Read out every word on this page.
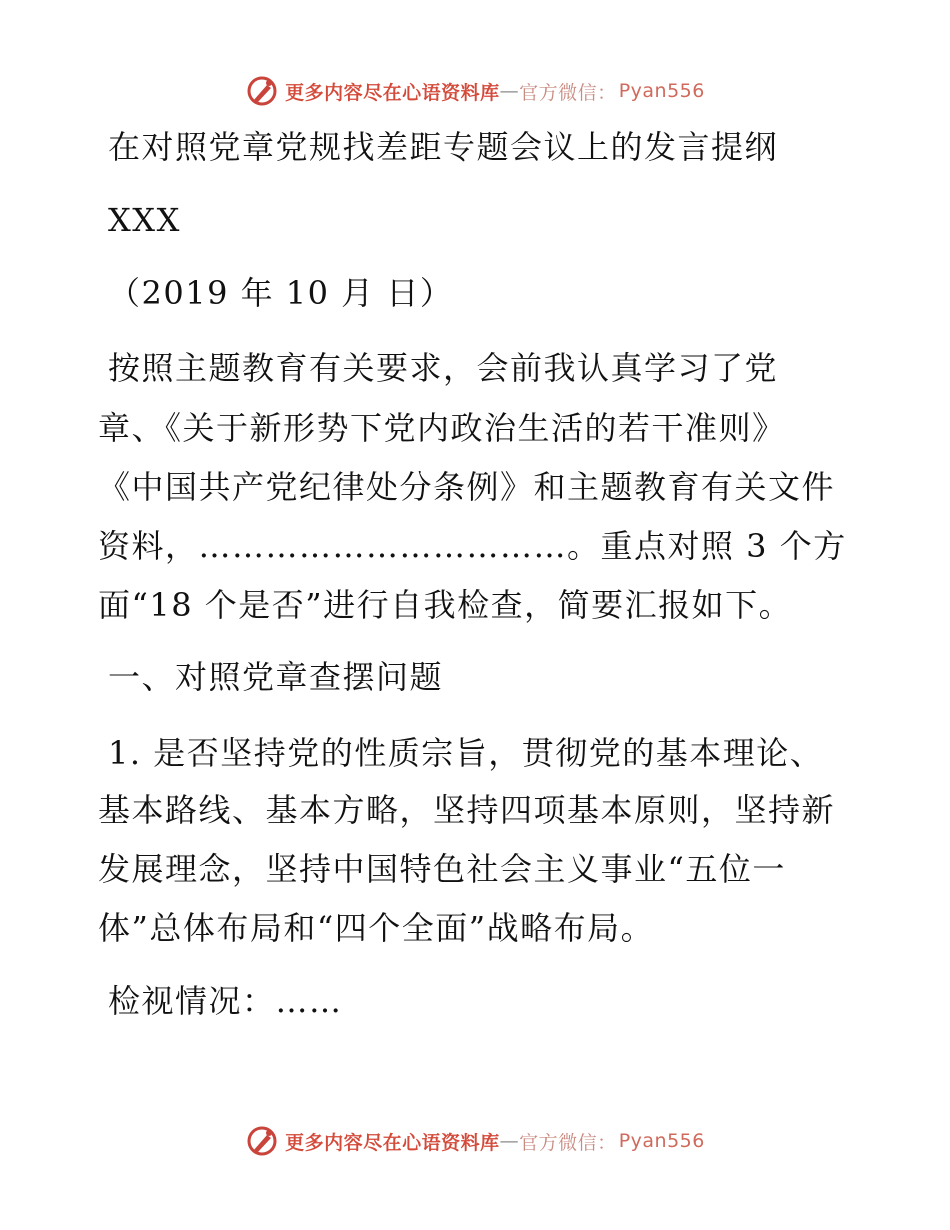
更多内容尽在心语资料库 — 官方微信： Pyan556
在对照党章党规找差距专题会议上的发言提纲
XXX
（2019 年 10 月 日）
按照主题教育有关要求，会前我认真学习了党
章、《关于新形势下党内政治生活的若干准则》
《中国共产党纪律处分条例》和主题教育有关文件
资料，……………………………。重点对照 3 个方
面“18 个是否”进行自我检查，简要汇报如下。
一、对照党章查摆问题
1. 是否坚持党的性质宗旨，贯彻党的基本理论、
基本路线、基本方略，坚持四项基本原则，坚持新
发展理念，坚持中国特色社会主义事业“五位一
体”总体布局和“四个全面”战略布局。
检视情况：……
更多内容尽在心语资料库 — 官方微信： Pyan556
